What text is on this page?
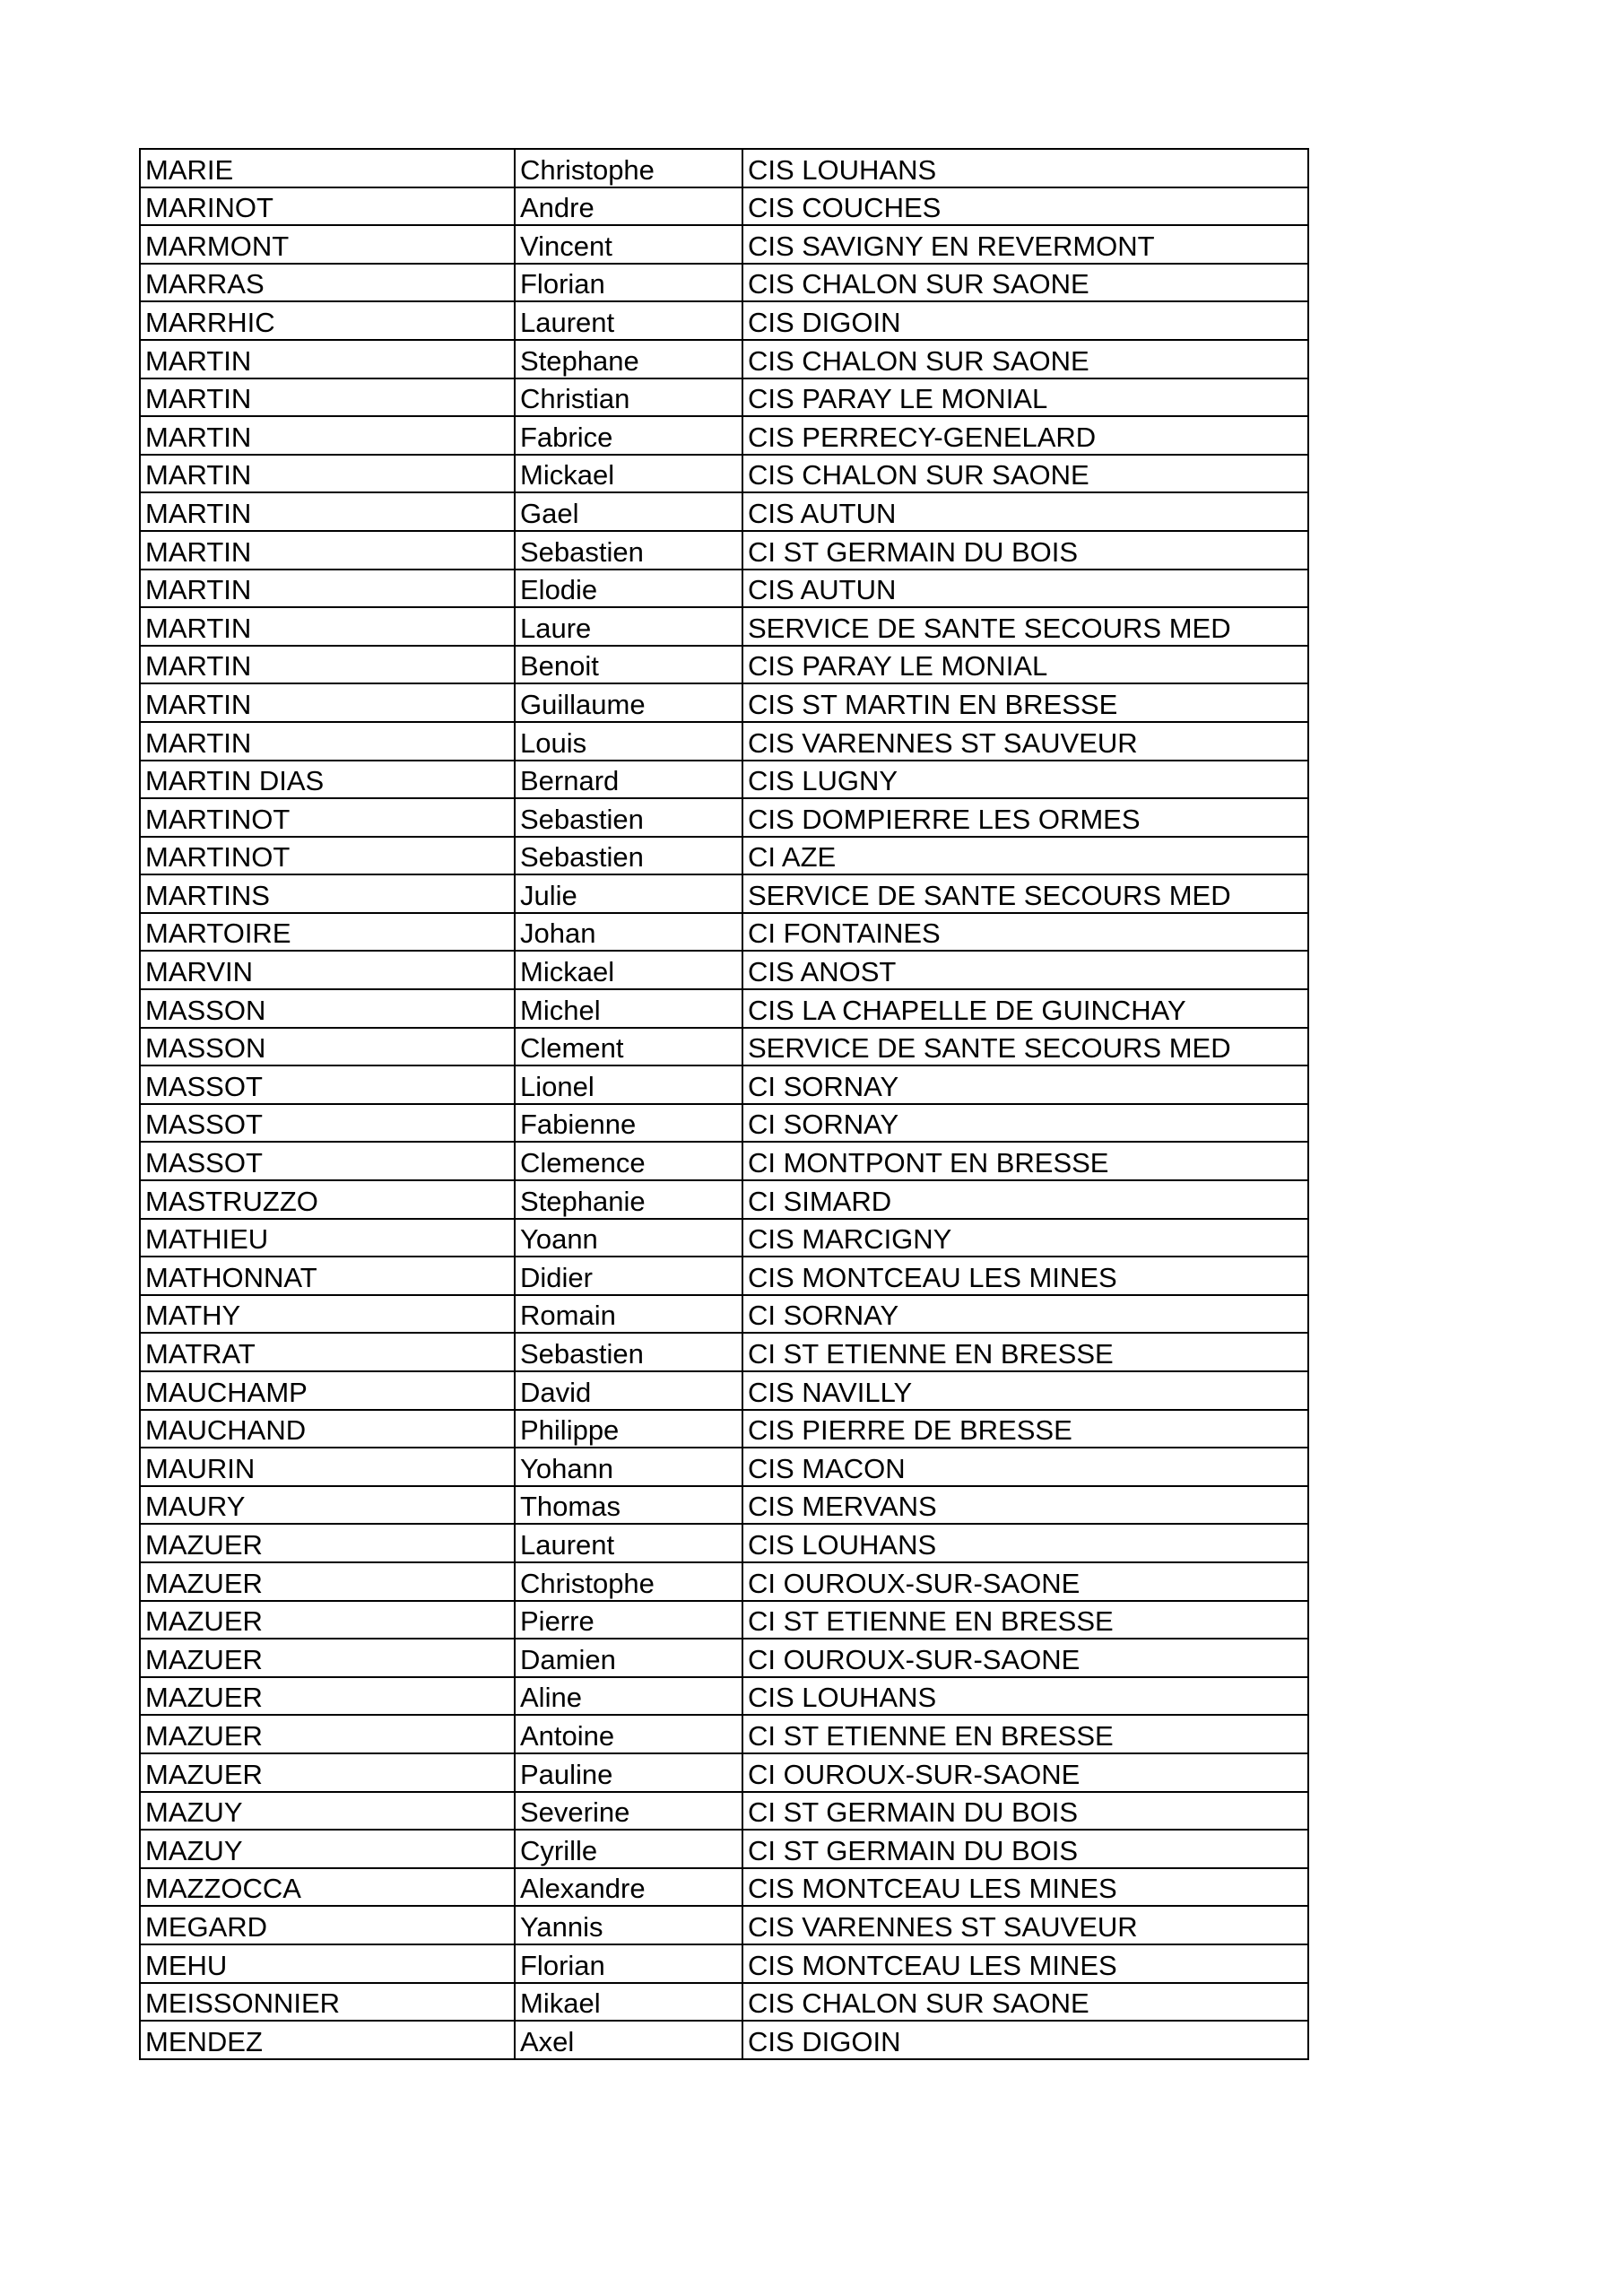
MARIE	Christophe	CIS LOUHANS
MARINOT	Andre	CIS COUCHES
MARMONT	Vincent	CIS SAVIGNY EN REVERMONT
MARRAS	Florian	CIS CHALON SUR SAONE
MARRHIC	Laurent	CIS DIGOIN
MARTIN	Stephane	CIS CHALON SUR SAONE
MARTIN	Christian	CIS PARAY LE MONIAL
MARTIN	Fabrice	CIS PERRECY-GENELARD
MARTIN	Mickael	CIS CHALON SUR SAONE
MARTIN	Gael	CIS AUTUN
MARTIN	Sebastien	CI ST GERMAIN DU BOIS
MARTIN	Elodie	CIS AUTUN
MARTIN	Laure	SERVICE DE SANTE SECOURS MED
MARTIN	Benoit	CIS PARAY LE MONIAL
MARTIN	Guillaume	CIS ST MARTIN EN BRESSE
MARTIN	Louis	CIS VARENNES ST SAUVEUR
MARTIN DIAS	Bernard	CIS LUGNY
MARTINOT	Sebastien	CIS DOMPIERRE LES ORMES
MARTINOT	Sebastien	CI AZE
MARTINS	Julie	SERVICE DE SANTE SECOURS MED
MARTOIRE	Johan	CI FONTAINES
MARVIN	Mickael	CIS ANOST
MASSON	Michel	CIS LA CHAPELLE DE GUINCHAY
MASSON	Clement	SERVICE DE SANTE SECOURS MED
MASSOT	Lionel	CI SORNAY
MASSOT	Fabienne	CI SORNAY
MASSOT	Clemence	CI MONTPONT EN BRESSE
MASTRUZZO	Stephanie	CI SIMARD
MATHIEU	Yoann	CIS MARCIGNY
MATHONNAT	Didier	CIS MONTCEAU LES MINES
MATHY	Romain	CI SORNAY
MATRAT	Sebastien	CI ST ETIENNE EN BRESSE
MAUCHAMP	David	CIS NAVILLY
MAUCHAND	Philippe	CIS PIERRE DE BRESSE
MAURIN	Yohann	CIS MACON
MAURY	Thomas	CIS MERVANS
MAZUER	Laurent	CIS LOUHANS
MAZUER	Christophe	CI OUROUX-SUR-SAONE
MAZUER	Pierre	CI ST ETIENNE EN BRESSE
MAZUER	Damien	CI OUROUX-SUR-SAONE
MAZUER	Aline	CIS LOUHANS
MAZUER	Antoine	CI ST ETIENNE EN BRESSE
MAZUER	Pauline	CI OUROUX-SUR-SAONE
MAZUY	Severine	CI ST GERMAIN DU BOIS
MAZUY	Cyrille	CI ST GERMAIN DU BOIS
MAZZOCCA	Alexandre	CIS MONTCEAU LES MINES
MEGARD	Yannis	CIS VARENNES ST SAUVEUR
MEHU	Florian	CIS MONTCEAU LES MINES
MEISSONNIER	Mikael	CIS CHALON SUR SAONE
MENDEZ	Axel	CIS DIGOIN
